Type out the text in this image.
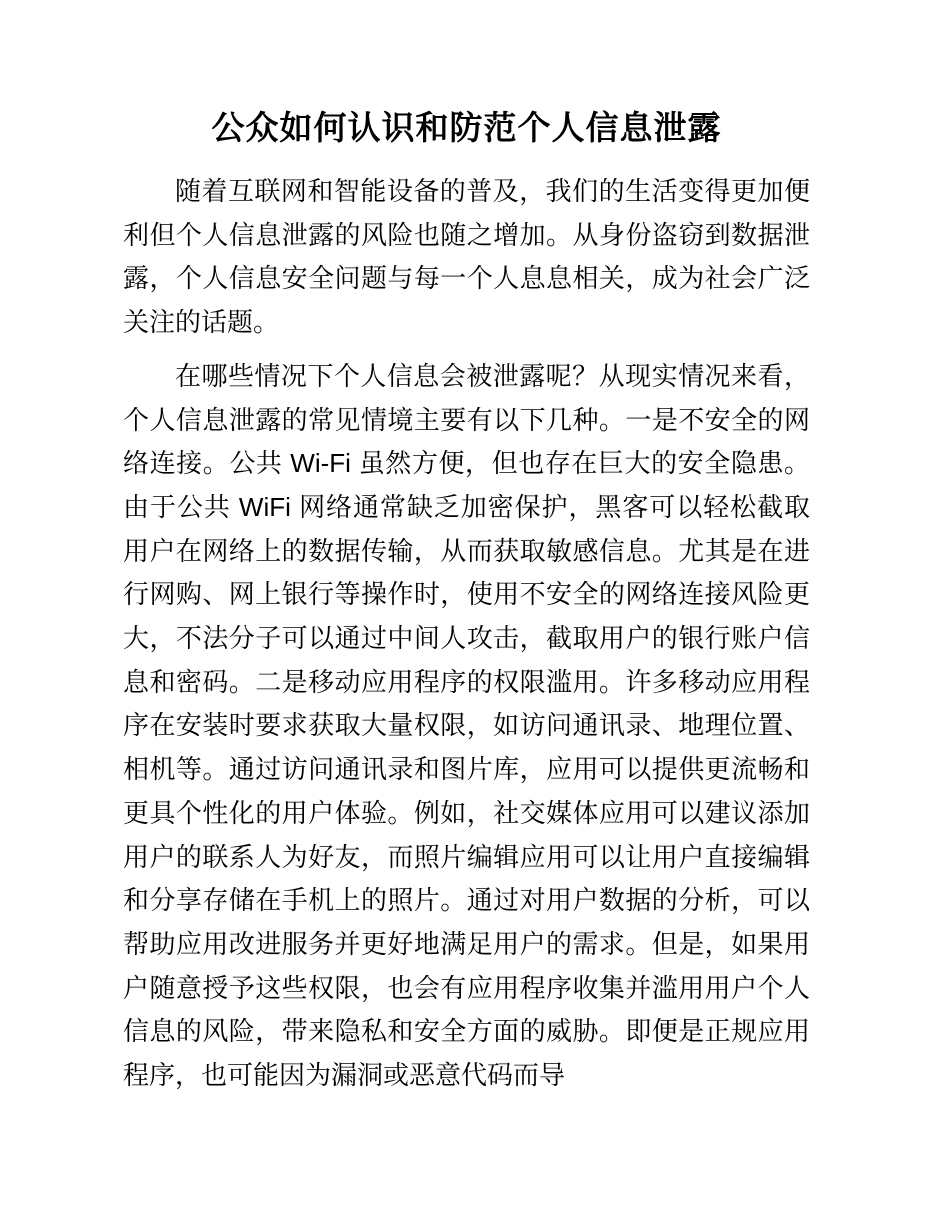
公众如何认识和防范个人信息泄露

随着互联网和智能设备的普及，我们的生活变得更加便利但个人信息泄露的风险也随之增加。从身份盗窃到数据泄露，个人信息安全问题与每一个人息息相关，成为社会广泛关注的话题。

在哪些情况下个人信息会被泄露呢？从现实情况来看，个人信息泄露的常见情境主要有以下几种。一是不安全的网络连接。公共 Wi-Fi 虽然方便，但也存在巨大的安全隐患。由于公共 WiFi 网络通常缺乏加密保护，黑客可以轻松截取用户在网络上的数据传输，从而获取敏感信息。尤其是在进行网购、网上银行等操作时，使用不安全的网络连接风险更大，不法分子可以通过中间人攻击，截取用户的银行账户信息和密码。二是移动应用程序的权限滥用。许多移动应用程序在安装时要求获取大量权限，如访问通讯录、地理位置、相机等。通过访问通讯录和图片库，应用可以提供更流畅和更具个性化的用户体验。例如，社交媒体应用可以建议添加用户的联系人为好友，而照片编辑应用可以让用户直接编辑和分享存储在手机上的照片。通过对用户数据的分析，可以帮助应用改进服务并更好地满足用户的需求。但是，如果用户随意授予这些权限，也会有应用程序收集并滥用用户个人信息的风险，带来隐私和安全方面的威胁。即便是正规应用程序，也可能因为漏洞或恶意代码而导
